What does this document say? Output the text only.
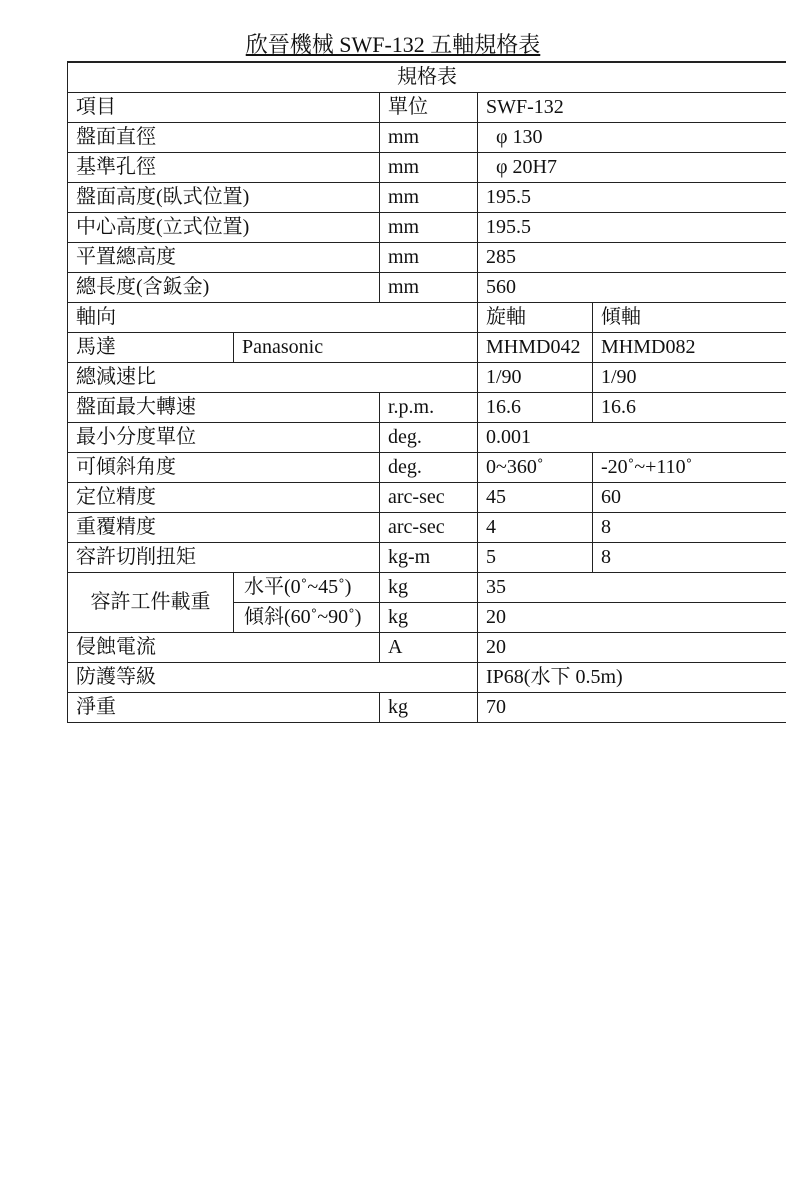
欣晉機械 SWF-132 五軸規格表
規格表				
項目		單位	SWF-132	
盤面直徑		mm	φ 130	
基準孔徑		mm	φ 20H7	
盤面高度(臥式位置)		mm	195.5	
中心高度(立式位置)		mm	195.5	
平置總高度		mm	285	
總長度(含鈑金)		mm	560	
軸向			旋軸	傾軸
馬達	Panasonic		MHMD042	MHMD082
總減速比			1/90	1/90
盤面最大轉速		r.p.m.	16.6	16.6
最小分度單位		deg.	0.001	
可傾斜角度		deg.	0~360˚	-20˚~+110˚
定位精度		arc-sec	45	60
重覆精度		arc-sec	4	8
容許切削扭矩		kg-m	5	8
容許工件載重	水平(0˚~45˚)	kg	35	
	傾斜(60˚~90˚)	kg	20	
侵蝕電流		A	20	
防護等級			IP68(水下 0.5m)	
淨重		kg	70	
